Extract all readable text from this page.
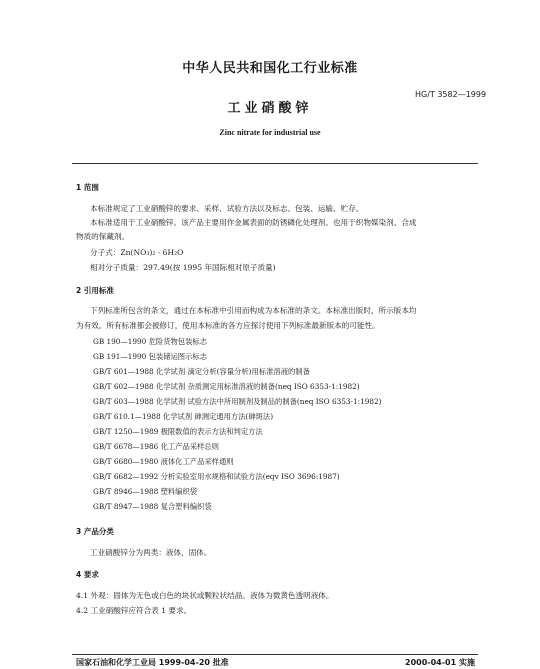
中华人民共和国化工行业标准
HG/T 3582—1999
工业硝酸锌
Zinc nitrate for industrial use
1 范围
本标准规定了工业硝酸锌的要求、采样、试验方法以及标志、包装、运输、贮存。
本标准适用于工业硝酸锌。该产品主要用作金属表面的防锈磷化处理剂、也用于织物媒染剂、合成
物质的保藏剂。
分子式：Zn(NO₃)₂ · 6H₂O
相对分子质量：297.49(按 1995 年国际相对原子质量)
2 引用标准
下列标准所包含的条文，通过在本标准中引用而构成为本标准的条文。本标准出版时，所示版本均
为有效。所有标准都会被修订，使用本标准的各方应探讨使用下列标准最新版本的可能性。
GB 190—1990 危险货物包装标志
GB 191—1990 包装储运图示标志
GB/T 601—1988 化学试剂 滴定分析(容量分析)用标准溶液的制备
GB/T 602—1988 化学试剂 杂质测定用标准溶液的制备(neq ISO 6353-1:1982)
GB/T 603—1988 化学试剂 试验方法中所用制剂及制品的制备(neq ISO 6353-1:1982)
GB/T 610.1—1988 化学试剂 砷测定通用方法(砷斑法)
GB/T 1250—1989 极限数值的表示方法和判定方法
GB/T 6678—1986 化工产品采样总则
GB/T 6680—1980 液体化工产品采样通则
GB/T 6682—1992 分析实验室用水规格和试验方法(eqv ISO 3696:1987)
GB/T 8946—1988 塑料编织袋
GB/T 8947—1988 复合塑料编织袋
3 产品分类
工业硝酸锌分为两类：液体，固体。
4 要求
4.1 外观：固体为无色或白色的块状或颗粒状结晶。液体为微黄色透明液体。
4.2 工业硝酸锌应符合表 1 要求。
国家石油和化学工业局 1999-04-20 批准	2000-04-01 实施
